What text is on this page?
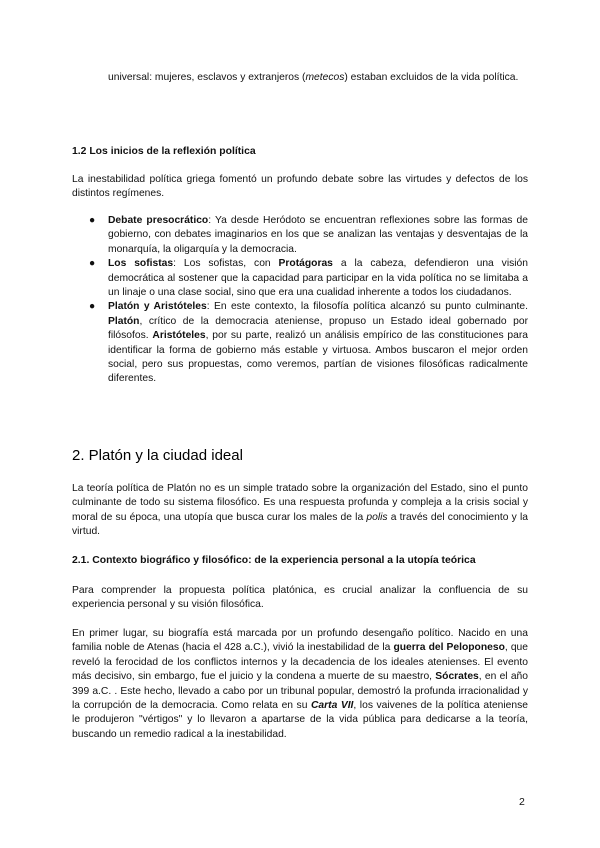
universal: mujeres, esclavos y extranjeros (metecos) estaban excluidos de la vida política.

1.2 Los inicios de la reflexión política

La inestabilidad política griega fomentó un profundo debate sobre las virtudes y defectos de los distintos regímenes.

● Debate presocrático: Ya desde Heródoto se encuentran reflexiones sobre las formas de gobierno, con debates imaginarios en los que se analizan las ventajas y desventajas de la monarquía, la oligarquía y la democracia.
● Los sofistas: Los sofistas, con Protágoras a la cabeza, defendieron una visión democrática al sostener que la capacidad para participar en la vida política no se limitaba a un linaje o una clase social, sino que era una cualidad inherente a todos los ciudadanos.
● Platón y Aristóteles: En este contexto, la filosofía política alcanzó su punto culminante. Platón, crítico de la democracia ateniense, propuso un Estado ideal gobernado por filósofos. Aristóteles, por su parte, realizó un análisis empírico de las constituciones para identificar la forma de gobierno más estable y virtuosa. Ambos buscaron el mejor orden social, pero sus propuestas, como veremos, partían de visiones filosóficas radicalmente diferentes.
2. Platón y la ciudad ideal

La teoría política de Platón no es un simple tratado sobre la organización del Estado, sino el punto culminante de todo su sistema filosófico. Es una respuesta profunda y compleja a la crisis social y moral de su época, una utopía que busca curar los males de la polis a través del conocimiento y la virtud.

2.1. Contexto biográfico y filosófico: de la experiencia personal a la utopía teórica

Para comprender la propuesta política platónica, es crucial analizar la confluencia de su experiencia personal y su visión filosófica.

En primer lugar, su biografía está marcada por un profundo desengaño político. Nacido en una familia noble de Atenas (hacia el 428 a.C.), vivió la inestabilidad de la guerra del Peloponeso, que reveló la ferocidad de los conflictos internos y la decadencia de los ideales atenienses. El evento más decisivo, sin embargo, fue el juicio y la condena a muerte de su maestro, Sócrates, en el año 399 a.C. . Este hecho, llevado a cabo por un tribunal popular, demostró la profunda irracionalidad y la corrupción de la democracia. Como relata en su Carta VII, los vaivenes de la política ateniense le produjeron "vértigos" y lo llevaron a apartarse de la vida pública para dedicarse a la teoría, buscando un remedio radical a la inestabilidad.

2
